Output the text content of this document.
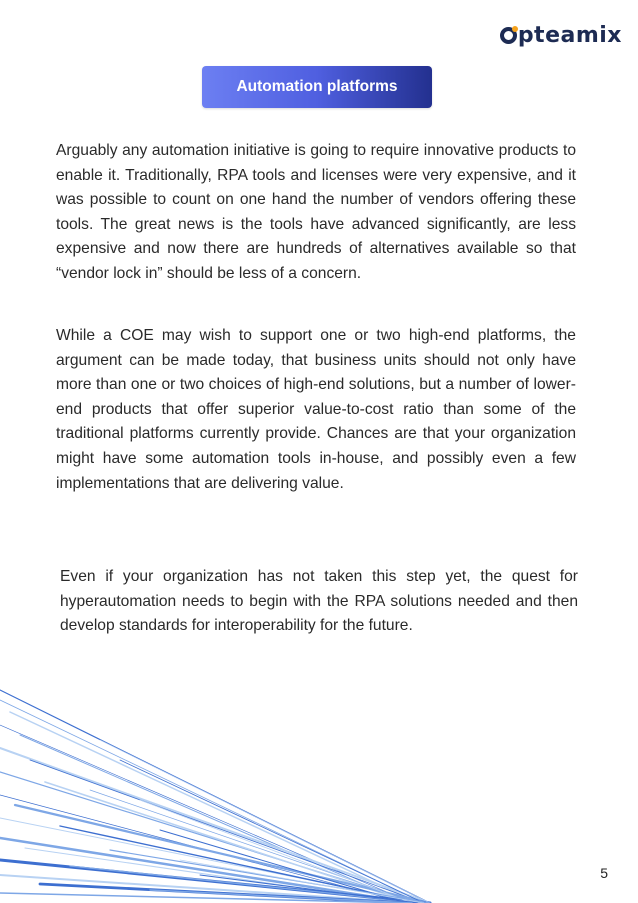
pteamix
Automation platforms

Arguably any automation initiative is going to require innovative products to enable it. Traditionally, RPA tools and licenses were very expensive, and it was possible to count on one hand the number of vendors offering these tools. The great news is the tools have advanced significantly, are less expensive and now there are hundreds of alternatives available so that “vendor lock in” should be less of a concern.

While a COE may wish to support one or two high-end platforms, the argument can be made today, that business units should not only have more than one or two choices of high-end solutions, but a number of lower-end products that offer superior value-to-cost ratio than some of the traditional platforms currently provide. Chances are that your organization might have some automation tools in-house, and possibly even a few implementations that are delivering value.

Even if your organization has not taken this step yet, the quest for hyperautomation needs to begin with the RPA solutions needed and then develop standards for interoperability for the future.

5
